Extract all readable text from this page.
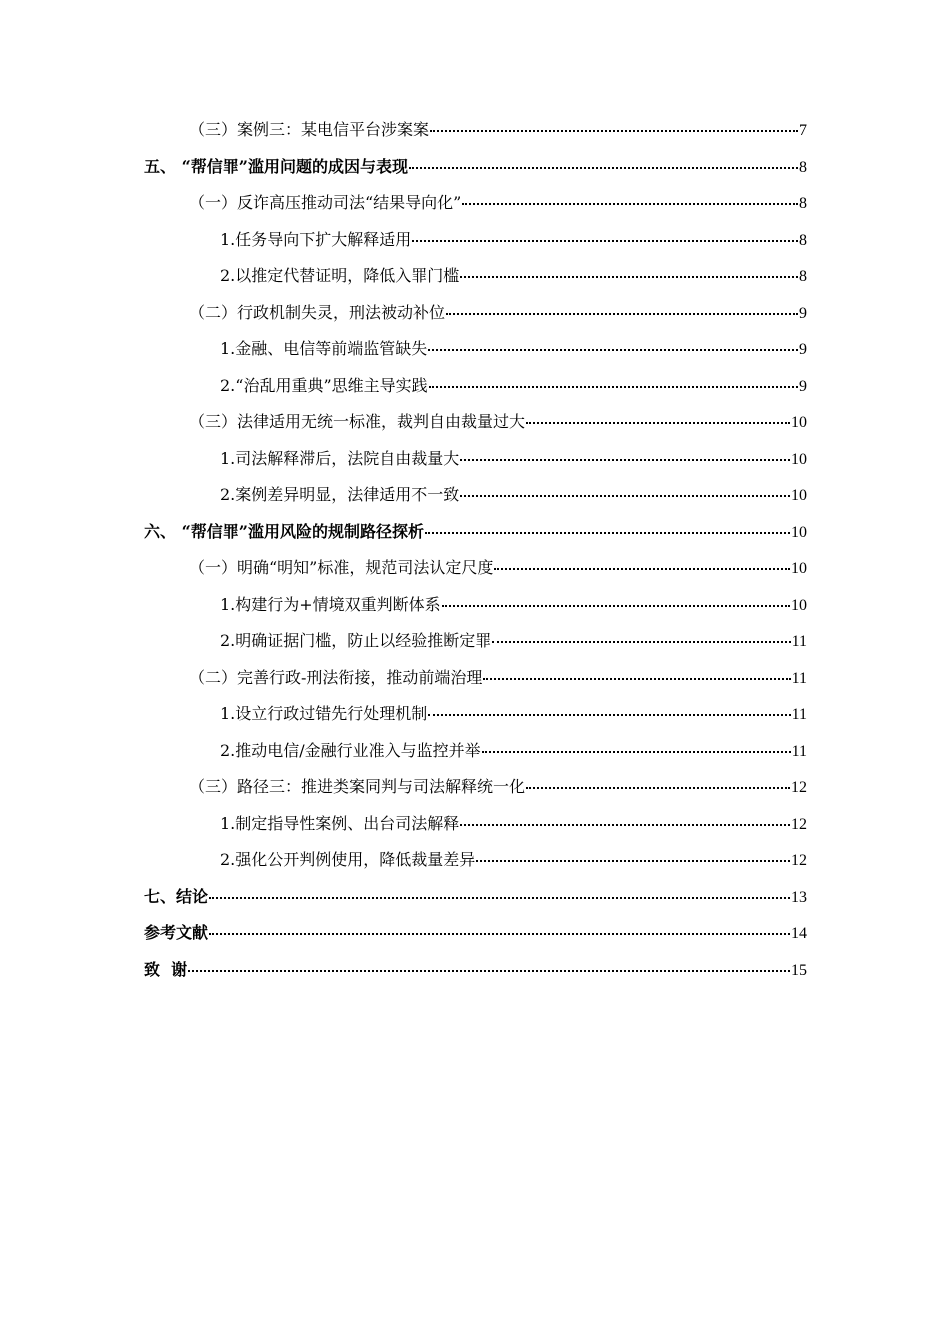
（三）案例三：某电信平台涉案案	7
五、 “帮信罪”滥用问题的成因与表现	8
（一）反诈高压推动司法“结果导向化”	8
1.任务导向下扩大解释适用	8
2.以推定代替证明，降低入罪门槛	8
（二）行政机制失灵，刑法被动补位	9
1.金融、电信等前端监管缺失	9
2.“治乱用重典”思维主导实践	9
（三）法律适用无统一标准，裁判自由裁量过大	10
1.司法解释滞后，法院自由裁量大	10
2.案例差异明显，法律适用不一致	10
六、 “帮信罪”滥用风险的规制路径探析	10
（一）明确“明知”标准，规范司法认定尺度	10
1.构建行为+情境双重判断体系	10
2.明确证据门槛，防止以经验推断定罪	11
（二）完善行政-刑法衔接，推动前端治理	11
1.设立行政过错先行处理机制	11
2.推动电信/金融行业准入与监控并举	11
（三）路径三：推进类案同判与司法解释统一化	12
1.制定指导性案例、出台司法解释	12
2.强化公开判例使用，降低裁量差异	12
七、结论	13
参考文献	14
致  谢	15
